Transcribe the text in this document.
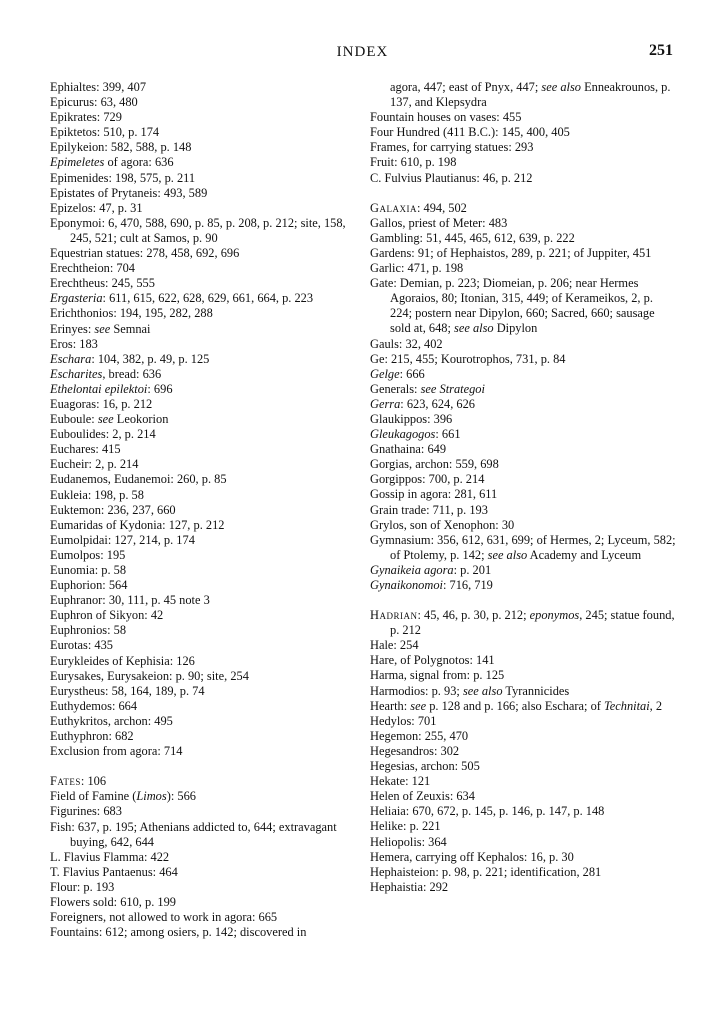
INDEX	251
Ephialtes: 399, 407
Epicurus: 63, 480
Epikrates: 729
Epiktetos: 510, p. 174
Epilykeion: 582, 588, p. 148
Epimeletes of agora: 636
Epimenides: 198, 575, p. 211
Epistates of Prytaneis: 493, 589
Epizelos: 47, p. 31
Eponymoi: 6, 470, 588, 690, p. 85, p. 208, p. 212; site, 158, 245, 521; cult at Samos, p. 90
Equestrian statues: 278, 458, 692, 696
Erechtheion: 704
Erechtheus: 245, 555
Ergasteria: 611, 615, 622, 628, 629, 661, 664, p. 223
Erichthonios: 194, 195, 282, 288
Erinyes: see Semnai
Eros: 183
Eschara: 104, 382, p. 49, p. 125
Escharites, bread: 636
Ethelontai epilektoi: 696
Euagoras: 16, p. 212
Euboule: see Leokorion
Euboulides: 2, p. 214
Euchares: 415
Eucheir: 2, p. 214
Eudanemos, Eudanemoi: 260, p. 85
Eukleia: 198, p. 58
Euktemon: 236, 237, 660
Eumaridas of Kydonia: 127, p. 212
Eumolpidai: 127, 214, p. 174
Eumolpos: 195
Eunomia: p. 58
Euphorion: 564
Euphranor: 30, 111, p. 45 note 3
Euphron of Sikyon: 42
Euphronios: 58
Eurotas: 435
Eurykleides of Kephisia: 126
Eurysakes, Eurysakeion: p. 90; site, 254
Eurystheus: 58, 164, 189, p. 74
Euthydemos: 664
Euthykritos, archon: 495
Euthyphron: 682
Exclusion from agora: 714
Fates: 106
Field of Famine (Limos): 566
Figurines: 683
Fish: 637, p. 195; Athenians addicted to, 644; extravagant buying, 642, 644
L. Flavius Flamma: 422
T. Flavius Pantaenus: 464
Flour: p. 193
Flowers sold: 610, p. 199
Foreigners, not allowed to work in agora: 665
Fountains: 612; among osiers, p. 142; discovered in
agora, 447; east of Pnyx, 447; see also Enneakrounos, p. 137, and Klepsydra
Fountain houses on vases: 455
Four Hundred (411 B.C.): 145, 400, 405
Frames, for carrying statues: 293
Fruit: 610, p. 198
C. Fulvius Plautianus: 46, p. 212
Galaxia: 494, 502
Gallos, priest of Meter: 483
Gambling: 51, 445, 465, 612, 639, p. 222
Gardens: 91; of Hephaistos, 289, p. 221; of Juppiter, 451
Garlic: 471, p. 198
Gate: Demian, p. 223; Diomeian, p. 206; near Hermes Agoraios, 80; Itonian, 315, 449; of Kerameikos, 2, p. 224; postern near Dipylon, 660; Sacred, 660; sausage sold at, 648; see also Dipylon
Gauls: 32, 402
Ge: 215, 455; Kourotrophos, 731, p. 84
Gelge: 666
Generals: see Strategoi
Gerra: 623, 624, 626
Glaukippos: 396
Gleukagogos: 661
Gnathaina: 649
Gorgias, archon: 559, 698
Gorgippos: 700, p. 214
Gossip in agora: 281, 611
Grain trade: 711, p. 193
Grylos, son of Xenophon: 30
Gymnasium: 356, 612, 631, 699; of Hermes, 2; Lyceum, 582; of Ptolemy, p. 142; see also Academy and Lyceum
Gynaikeia agora: p. 201
Gynaikonomoi: 716, 719
Hadrian: 45, 46, p. 30, p. 212; eponymos, 245; statue found, p. 212
Hale: 254
Hare, of Polygnotos: 141
Harma, signal from: p. 125
Harmodios: p. 93; see also Tyrannicides
Hearth: see p. 128 and p. 166; also Eschara; of Technitai, 2
Hedylos: 701
Hegemon: 255, 470
Hegesandros: 302
Hegesias, archon: 505
Hekate: 121
Helen of Zeuxis: 634
Heliaia: 670, 672, p. 145, p. 146, p. 147, p. 148
Helike: p. 221
Heliopolis: 364
Hemera, carrying off Kephalos: 16, p. 30
Hephaisteion: p. 98, p. 221; identification, 281
Hephaistia: 292
